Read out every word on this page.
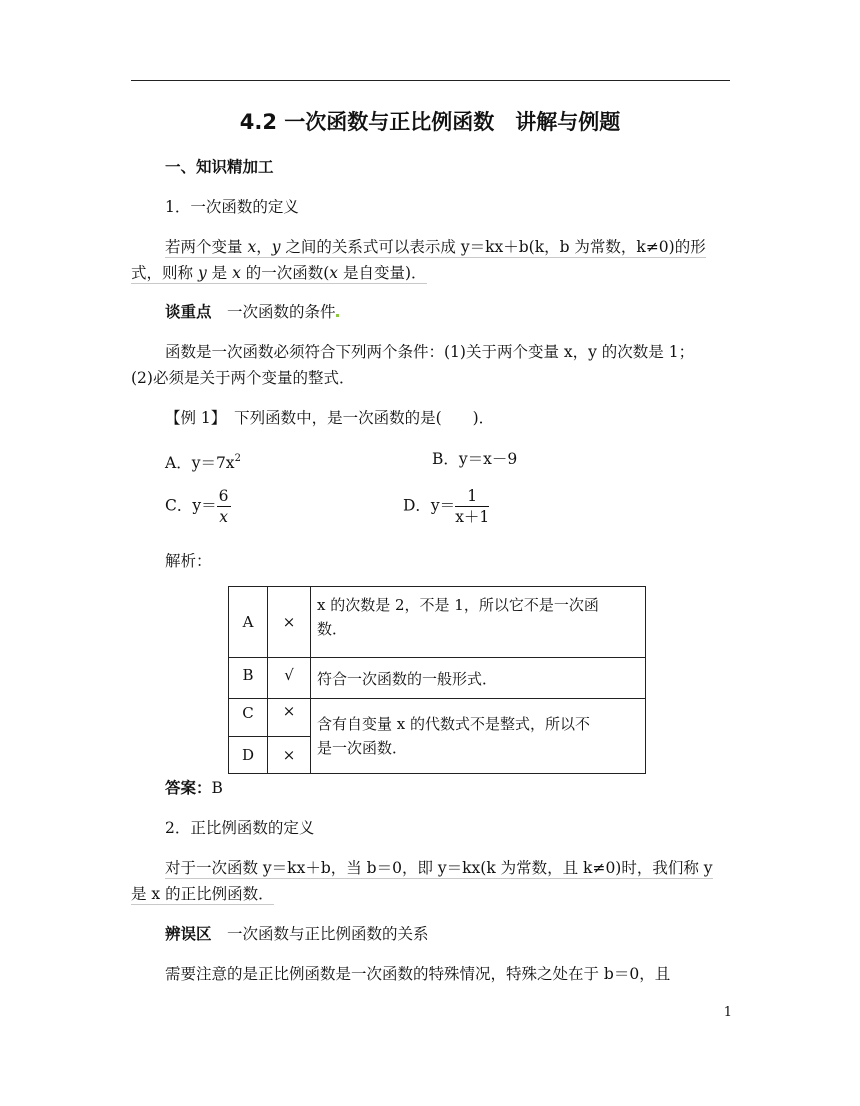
4.2 一次函数与正比例函数　讲解与例题
一、知识精加工
1．一次函数的定义
若两个变量 x，y 之间的关系式可以表示成 y＝kx＋b(k，b 为常数，k≠0)的形
式，则称 y 是 x 的一次函数(x 是自变量)．
谈重点　 一次函数的条件
函数是一次函数必须符合下列两个条件：(1)关于两个变量 x，y 的次数是 1；
(2)必须是关于两个变量的整式．
【例 1】　 下列函数中，是一次函数的是(　　)．
A．$y=7x^2$	B．y＝x－9
C．$y= \frac{6}{x}$	D．$y= \frac{1}{x+1}$
解析：
A	×	x 的次数是 2，不是 1，所以它不是一次函
数．

B	√	符合一次函数的一般形式．
C	×	含有自变量 x 的代数式不是整式，所以不
是一次函数．

D	×	
答案：B
2．正比例函数的定义
对于一次函数 y＝kx＋b，当 b＝0，即 y＝kx(k 为常数，且 k≠0)时，我们称 y
是 x 的正比例函数．
辨误区　 一次函数与正比例函数的关系
需要注意的是正比例函数是一次函数的特殊情况，特殊之处在于 b＝0，且
1
